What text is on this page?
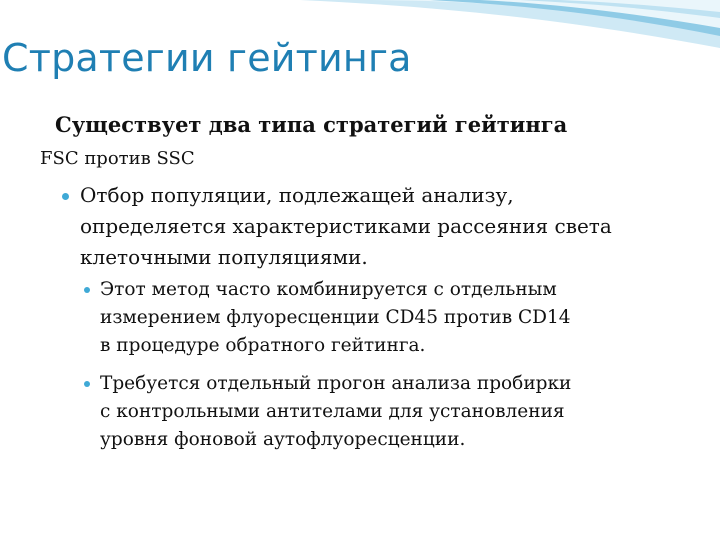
Стратегии гейтинга
Существует два типа стратегий гейтинга
FSC против SSC
Отбор популяции, подлежащей анализу,
определяется характеристиками рассеяния света
клеточными популяциями.
Этот метод часто комбинируется с отдельным
измерением флуоресценции CD45 против CD14
в процедуре обратного гейтинга.
Требуется отдельный прогон анализа пробирки
с контрольными антителами для установления
уровня фоновой аутофлуоресценции.
